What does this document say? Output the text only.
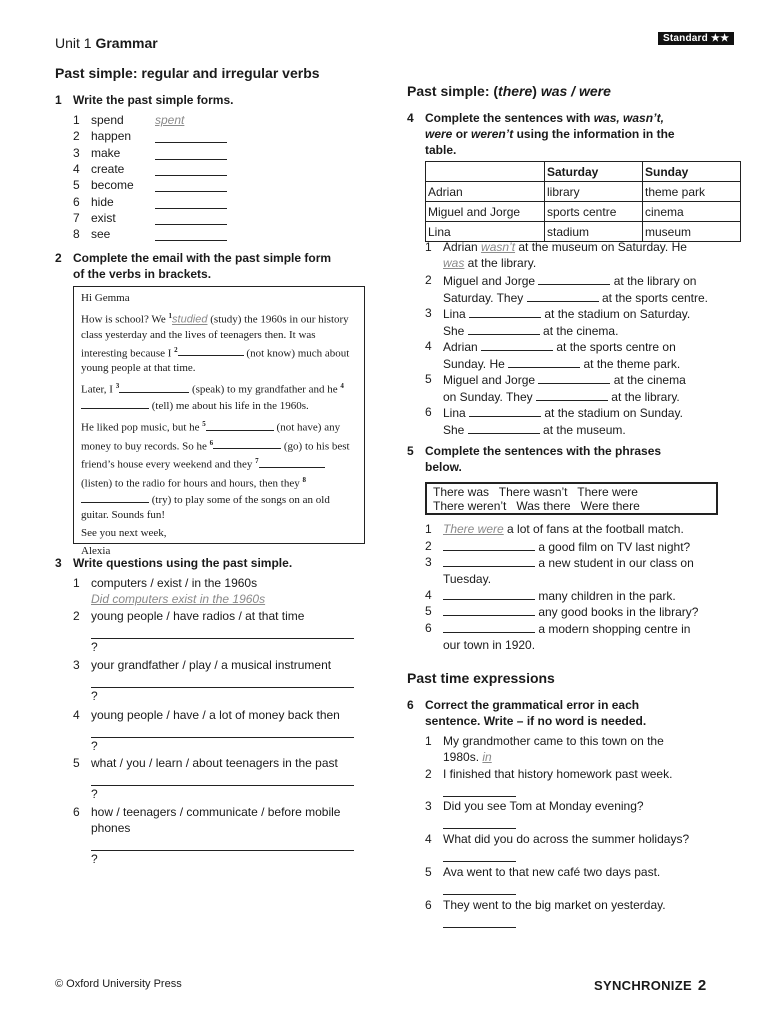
Unit 1 Grammar	Standard ★★
Past simple: regular and irregular verbs
1 Write the past simple forms.
1 spend	spent
2 happen
3 make
4 create
5 become
6 hide
7 exist
8 see
2 Complete the email with the past simple form
of the verbs in brackets.

Hi Gemma

How is school? We $^1$studied (study) the 1960s in our history class yesterday and the lives of teenagers then. It was interesting because I $^2$	(not know) much about young people at that time.

Later, I $^3$	(speak) to my grandfather and he $^4$ (tell) me about his life in the 1960s.

He liked pop music, but he $^5$	(not have) any money to buy records. So he $^6$	(go) to his best friend’s house every weekend and they $^7$ (listen) to the radio for hours and hours, then they $^8$ (try) to play some of the songs on an old guitar. Sounds fun!

See you next week,

Alexia

3 Write questions using the past simple.
1 computers / exist / in the 1960s
Did computers exist in the 1960s
2 young people / have radios / at that time
?
3 your grandfather / play / a musical instrument
?
4 young people / have / a lot of money back then
?
5 what / you / learn / about teenagers in the past
?
6 how / teenagers / communicate / before mobile
phones
?
Past simple: (there) was / were
4 Complete the sentences with was, wasn’t,
were or weren’t using the information in the
table.
	Saturday	Sunday
Adrian	library	theme park
Miguel and Jorge	sports centre	cinema
Lina	stadium	museum
1 Adrian wasn’t at the museum on Saturday. He
was at the library.
2 Miguel and Jorge	at the library on
Saturday. They	at the sports centre.
3 Lina	at the stadium on Saturday.
She	at the cinema.
4 Adrian	at the sports centre on
Sunday. He	at the theme park.
5 Miguel and Jorge	at the cinema
on Sunday. They	at the library.
6 Lina	at the stadium on Sunday.
She	at the museum.
5 Complete the sentences with the phrases
below.
There was   There wasn’t   There were
There weren’t   Was there   Were there
1 There were a lot of fans at the football match.
2	a good film on TV last night?
3	a new student in our class on
Tuesday.
4	many children in the park.
5	any good books in the library?
6	a modern shopping centre in
our town in 1920.
Past time expressions
6 Correct the grammatical error in each
sentence. Write – if no word is needed.
1 My grandmother came to this town on the
1980s. in
2 I finished that history homework past week.
3 Did you see Tom at Monday evening?
4 What did you do across the summer holidays?
5 Ava went to that new café two days past.
6 They went to the big market on yesterday.
© Oxford University Press	SYNCHRONIZE 2
